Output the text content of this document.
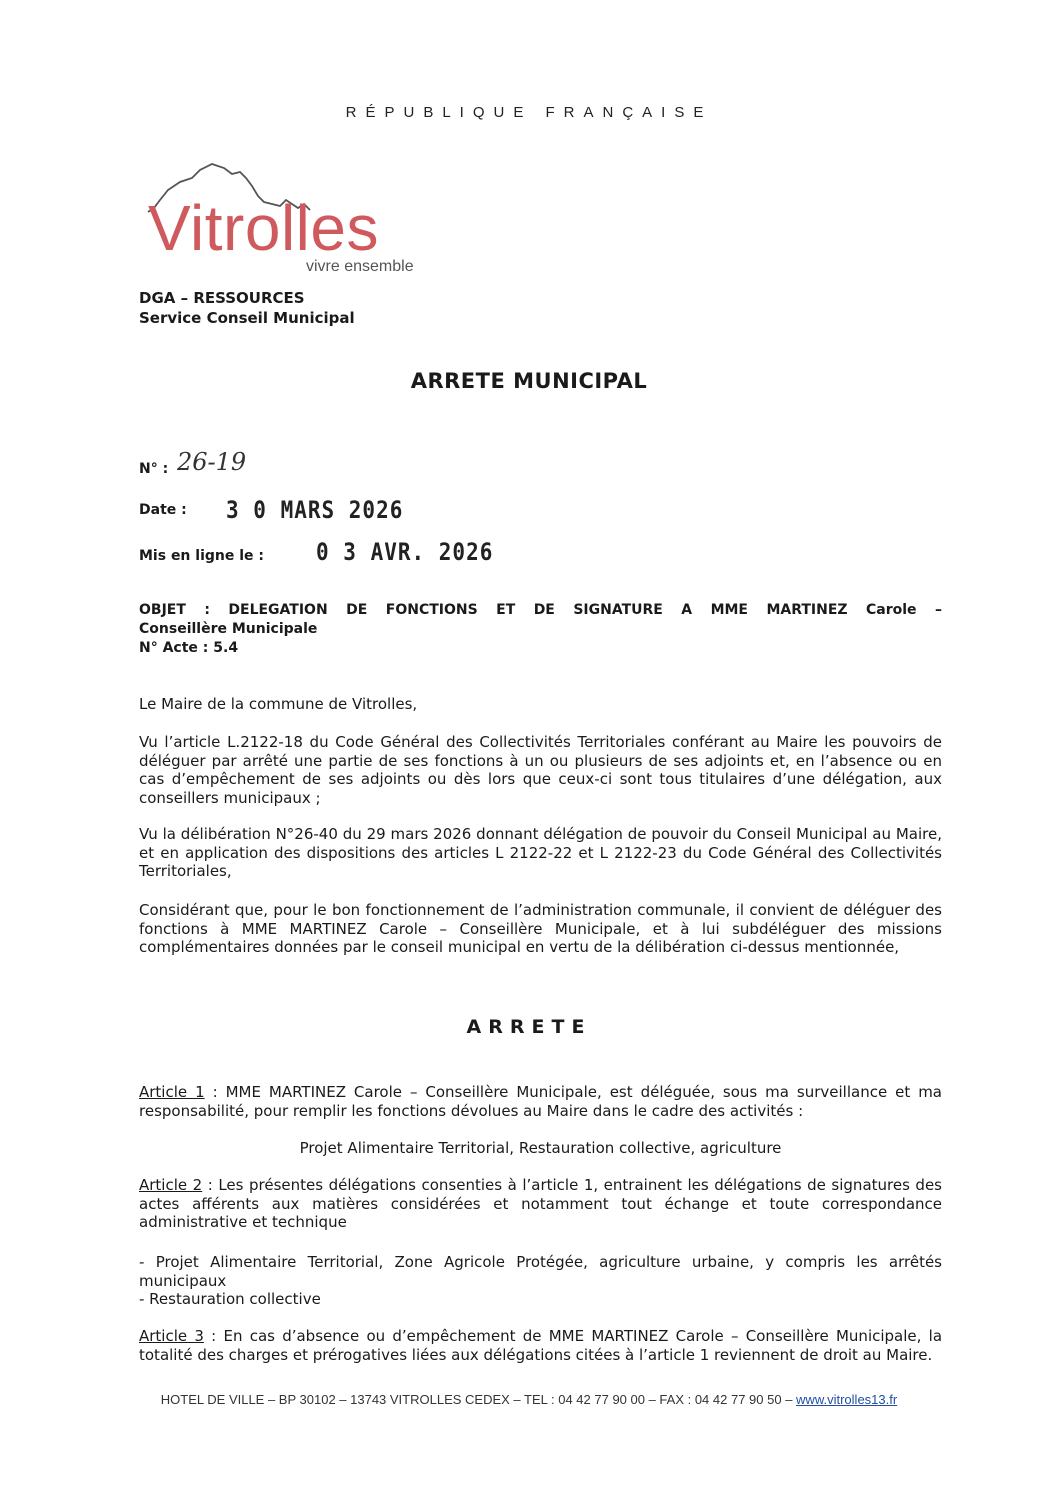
RÉPUBLIQUE FRANÇAISE
Vitrolles
vivre ensemble
DGA – RESSOURCES
Service Conseil Municipal
ARRETE MUNICIPAL
N° : 26-19
Date : 3 0 MARS 2026
Mis en ligne le : 0 3 AVR. 2026
OBJET : DELEGATION DE FONCTIONS ET DE SIGNATURE A MME MARTINEZ Carole –
Conseillère Municipale
N° Acte : 5.4
Le Maire de la commune de Vitrolles,
Vu l’article L.2122-18 du Code Général des Collectivités Territoriales conférant au Maire les pouvoirs de déléguer par arrêté une partie de ses fonctions à un ou plusieurs de ses adjoints et, en l’absence ou en cas d’empêchement de ses adjoints ou dès lors que ceux-ci sont tous titulaires d’une délégation, aux conseillers municipaux ;
Vu la délibération N°26-40 du 29 mars 2026 donnant délégation de pouvoir du Conseil Municipal au Maire, et en application des dispositions des articles L 2122-22 et L 2122-23 du Code Général des Collectivités Territoriales,
Considérant que, pour le bon fonctionnement de l’administration communale, il convient de déléguer des fonctions à MME MARTINEZ Carole – Conseillère Municipale, et à lui subdéléguer des missions complémentaires données par le conseil municipal en vertu de la délibération ci-dessus mentionnée,
ARRETE
Article 1 : MME MARTINEZ Carole – Conseillère Municipale, est déléguée, sous ma surveillance et ma responsabilité, pour remplir les fonctions dévolues au Maire dans le cadre des activités :
Projet Alimentaire Territorial, Restauration collective, agriculture
Article 2 : Les présentes délégations consenties à l’article 1, entrainent les délégations de signatures des actes afférents aux matières considérées et notamment tout échange et toute correspondance administrative et technique
- Projet Alimentaire Territorial, Zone Agricole Protégée, agriculture urbaine, y compris les arrêtés municipaux
- Restauration collective
Article 3 : En cas d’absence ou d’empêchement de MME MARTINEZ Carole – Conseillère Municipale, la totalité des charges et prérogatives liées aux délégations citées à l’article 1 reviennent de droit au Maire.
HOTEL DE VILLE – BP 30102 – 13743 VITROLLES CEDEX – TEL : 04 42 77 90 00 – FAX : 04 42 77 90 50 – www.vitrolles13.fr
